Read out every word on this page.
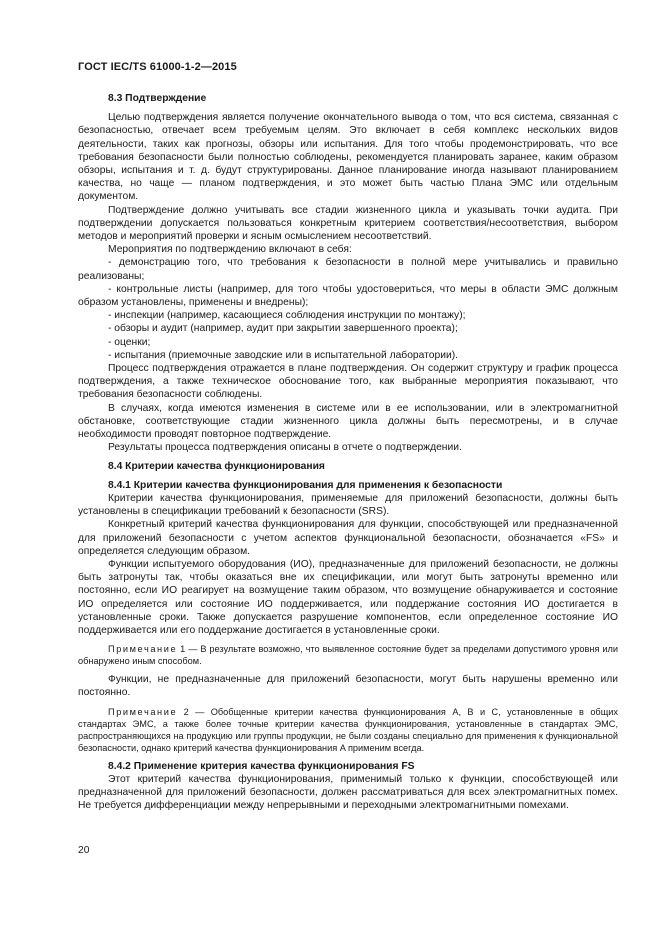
ГОСТ IEC/TS 61000-1-2—2015

8.3 Подтверждение

Целью подтверждения является получение окончательного вывода о том, что вся система, связанная с безопасностью, отвечает всем требуемым целям. Это включает в себя комплекс нескольких видов деятельности, таких как прогнозы, обзоры или испытания. Для того чтобы продемонстрировать, что все требования безопасности были полностью соблюдены, рекомендуется планировать заранее, каким образом обзоры, испытания и т. д. будут структурированы. Данное планирование иногда называют планированием качества, но чаще — планом подтверждения, и это может быть частью Плана ЭМС или отдельным документом.

Подтверждение должно учитывать все стадии жизненного цикла и указывать точки аудита. При подтверждении допускается пользоваться конкретным критерием соответствия/несоответствия, выбором методов и мероприятий проверки и ясным осмыслением несоответствий.

Мероприятия по подтверждению включают в себя:

- демонстрацию того, что требования к безопасности в полной мере учитывались и правильно реализованы;

- контрольные листы (например, для того чтобы удостовериться, что меры в области ЭМС должным образом установлены, применены и внедрены);

- инспекции (например, касающиеся соблюдения инструкции по монтажу);

- обзоры и аудит (например, аудит при закрытии завершенного проекта);

- оценки;

- испытания (приемочные заводские или в испытательной лаборатории).

Процесс подтверждения отражается в плане подтверждения. Он содержит структуру и график процесса подтверждения, а также техническое обоснование того, как выбранные мероприятия показывают, что требования безопасности соблюдены.

В случаях, когда имеются изменения в системе или в ее использовании, или в электромагнитной обстановке, соответствующие стадии жизненного цикла должны быть пересмотрены, и в случае необходимости проводят повторное подтверждение.

Результаты процесса подтверждения описаны в отчете о подтверждении.

8.4 Критерии качества функционирования

8.4.1 Критерии качества функционирования для применения к безопасности

Критерии качества функционирования, применяемые для приложений безопасности, должны быть установлены в спецификации требований к безопасности (SRS).

Конкретный критерий качества функционирования для функции, способствующей или предназначенной для приложений безопасности с учетом аспектов функциональной безопасности, обозначается «FS» и определяется следующим образом.

Функции испытуемого оборудования (ИО), предназначенные для приложений безопасности, не должны быть затронуты так, чтобы оказаться вне их спецификации, или могут быть затронуты временно или постоянно, если ИО реагирует на возмущение таким образом, что возмущение обнаруживается и состояние ИО определяется или состояние ИО поддерживается, или поддержание состояния ИО достигается в установленные сроки. Также допускается разрушение компонентов, если определенное состояние ИО поддерживается или его поддержание достигается в установленные сроки.

Примечание 1 — В результате возможно, что выявленное состояние будет за пределами допустимого уровня или обнаружено иным способом.

Функции, не предназначенные для приложений безопасности, могут быть нарушены временно или постоянно.

Примечание 2 — Обобщенные критерии качества функционирования A, B и C, установленные в общих стандартах ЭМС, а также более точные критерии качества функционирования, установленные в стандартах ЭМС, распространяющихся на продукцию или группы продукции, не были созданы специально для применения к функциональной безопасности, однако критерий качества функционирования A применим всегда.

8.4.2 Применение критерия качества функционирования FS

Этот критерий качества функционирования, применимый только к функции, способствующей или предназначенной для приложений безопасности, должен рассматриваться для всех электромагнитных помех. Не требуется дифференциации между непрерывными и переходными электромагнитными помехами.

20
